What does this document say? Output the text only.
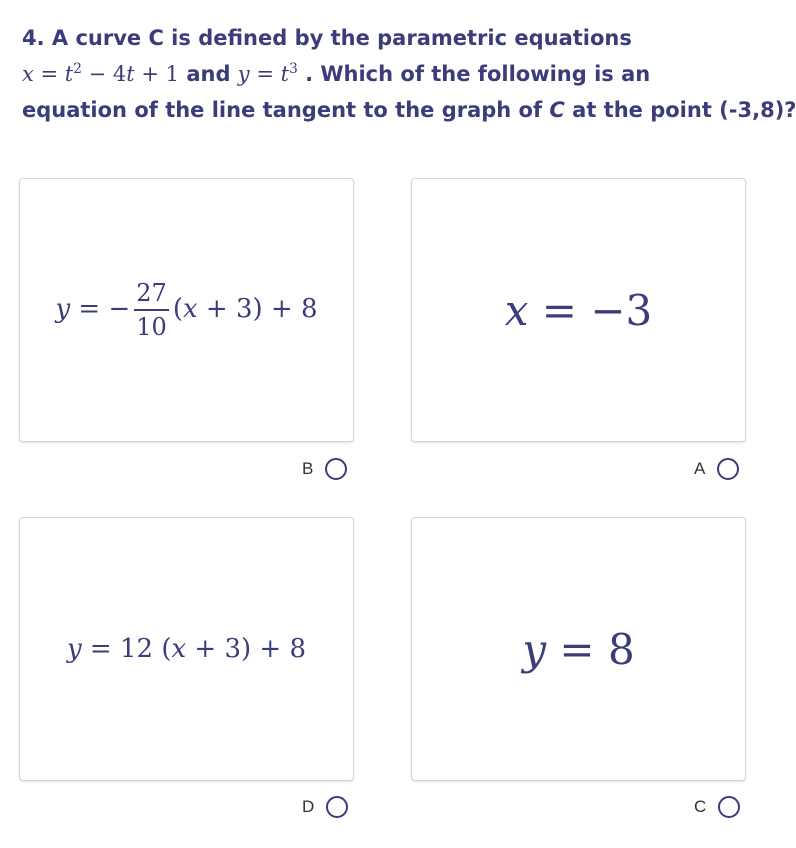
4. A curve C is defined by the parametric equations
$x = t^2 - 4t + 1$ and $y = t^3$ . Which of the following is an
equation of the line tangent to the graph of C at the point (-3,8)?
y = − $\frac{27}{10} (x + 3) + 8$
B
x = −3
A
y = 12 (x + 3) + 8
D
y = 8
C
